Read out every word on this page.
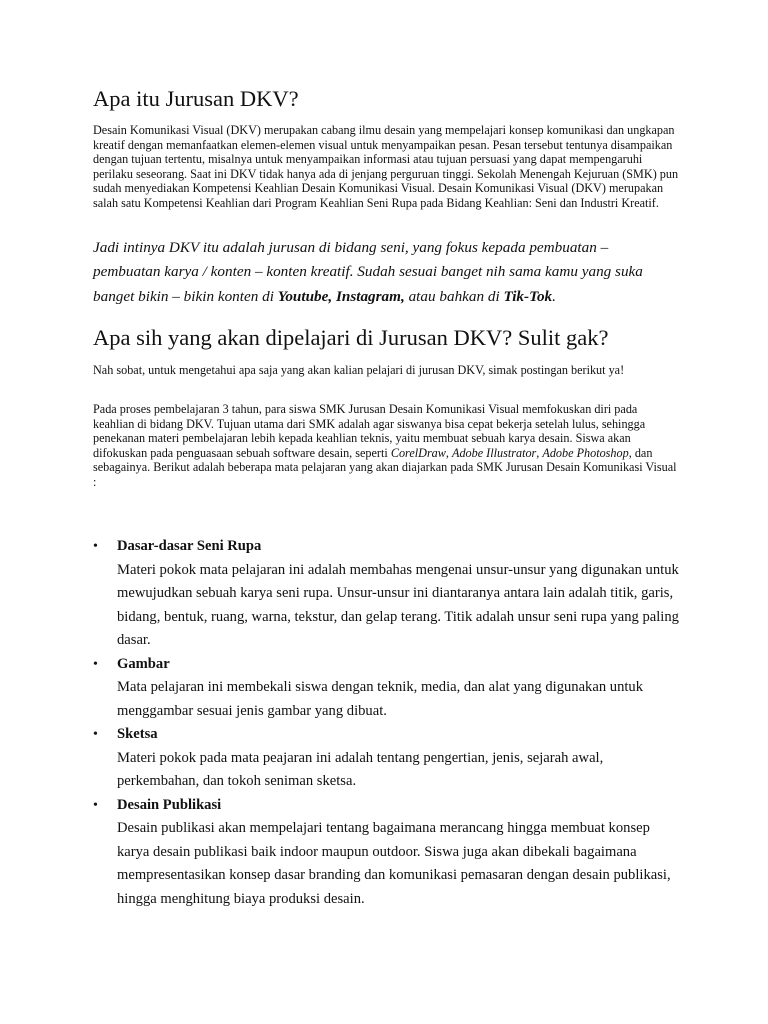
Apa itu Jurusan DKV?

Desain Komunikasi Visual (DKV) merupakan cabang ilmu desain yang mempelajari konsep komunikasi dan ungkapan kreatif dengan memanfaatkan elemen-elemen visual untuk menyampaikan pesan. Pesan tersebut tentunya disampaikan dengan tujuan tertentu, misalnya untuk menyampaikan informasi atau tujuan persuasi yang dapat mempengaruhi perilaku seseorang. Saat ini DKV tidak hanya ada di jenjang perguruan tinggi. Sekolah Menengah Kejuruan (SMK) pun sudah menyediakan Kompetensi Keahlian Desain Komunikasi Visual. Desain Komunikasi Visual (DKV) merupakan salah satu Kompetensi Keahlian dari Program Keahlian Seni Rupa pada Bidang Keahlian: Seni dan Industri Kreatif.

Jadi intinya DKV itu adalah jurusan di bidang seni, yang fokus kepada pembuatan – pembuatan karya / konten – konten kreatif. Sudah sesuai banget nih sama kamu yang suka banget bikin – bikin konten di Youtube, Instagram, atau bahkan di Tik-Tok.

Apa sih yang akan dipelajari di Jurusan DKV? Sulit gak?

Nah sobat, untuk mengetahui apa saja yang akan kalian pelajari di jurusan DKV, simak postingan berikut ya!

Pada proses pembelajaran 3 tahun, para siswa SMK Jurusan Desain Komunikasi Visual memfokuskan diri pada keahlian di bidang DKV. Tujuan utama dari SMK adalah agar siswanya bisa cepat bekerja setelah lulus, sehingga penekanan materi pembelajaran lebih kepada keahlian teknis, yaitu membuat sebuah karya desain. Siswa akan difokuskan pada penguasaan sebuah software desain, seperti CorelDraw, Adobe Illustrator, Adobe Photoshop, dan sebagainya. Berikut adalah beberapa mata pelajaran yang akan diajarkan pada SMK Jurusan Desain Komunikasi Visual :

• Dasar-dasar Seni Rupa
Materi pokok mata pelajaran ini adalah membahas mengenai unsur-unsur yang digunakan untuk mewujudkan sebuah karya seni rupa. Unsur-unsur ini diantaranya antara lain adalah titik, garis, bidang, bentuk, ruang, warna, tekstur, dan gelap terang. Titik adalah unsur seni rupa yang paling dasar.
• Gambar
Mata pelajaran ini membekali siswa dengan teknik, media, dan alat yang digunakan untuk menggambar sesuai jenis gambar yang dibuat.
• Sketsa
Materi pokok pada mata peajaran ini adalah tentang pengertian, jenis, sejarah awal, perkembahan, dan tokoh seniman sketsa.
• Desain Publikasi
Desain publikasi akan mempelajari tentang bagaimana merancang hingga membuat konsep karya desain publikasi baik indoor maupun outdoor. Siswa juga akan dibekali bagaimana mempresentasikan konsep dasar branding dan komunikasi pemasaran dengan desain publikasi, hingga menghitung biaya produksi desain.
